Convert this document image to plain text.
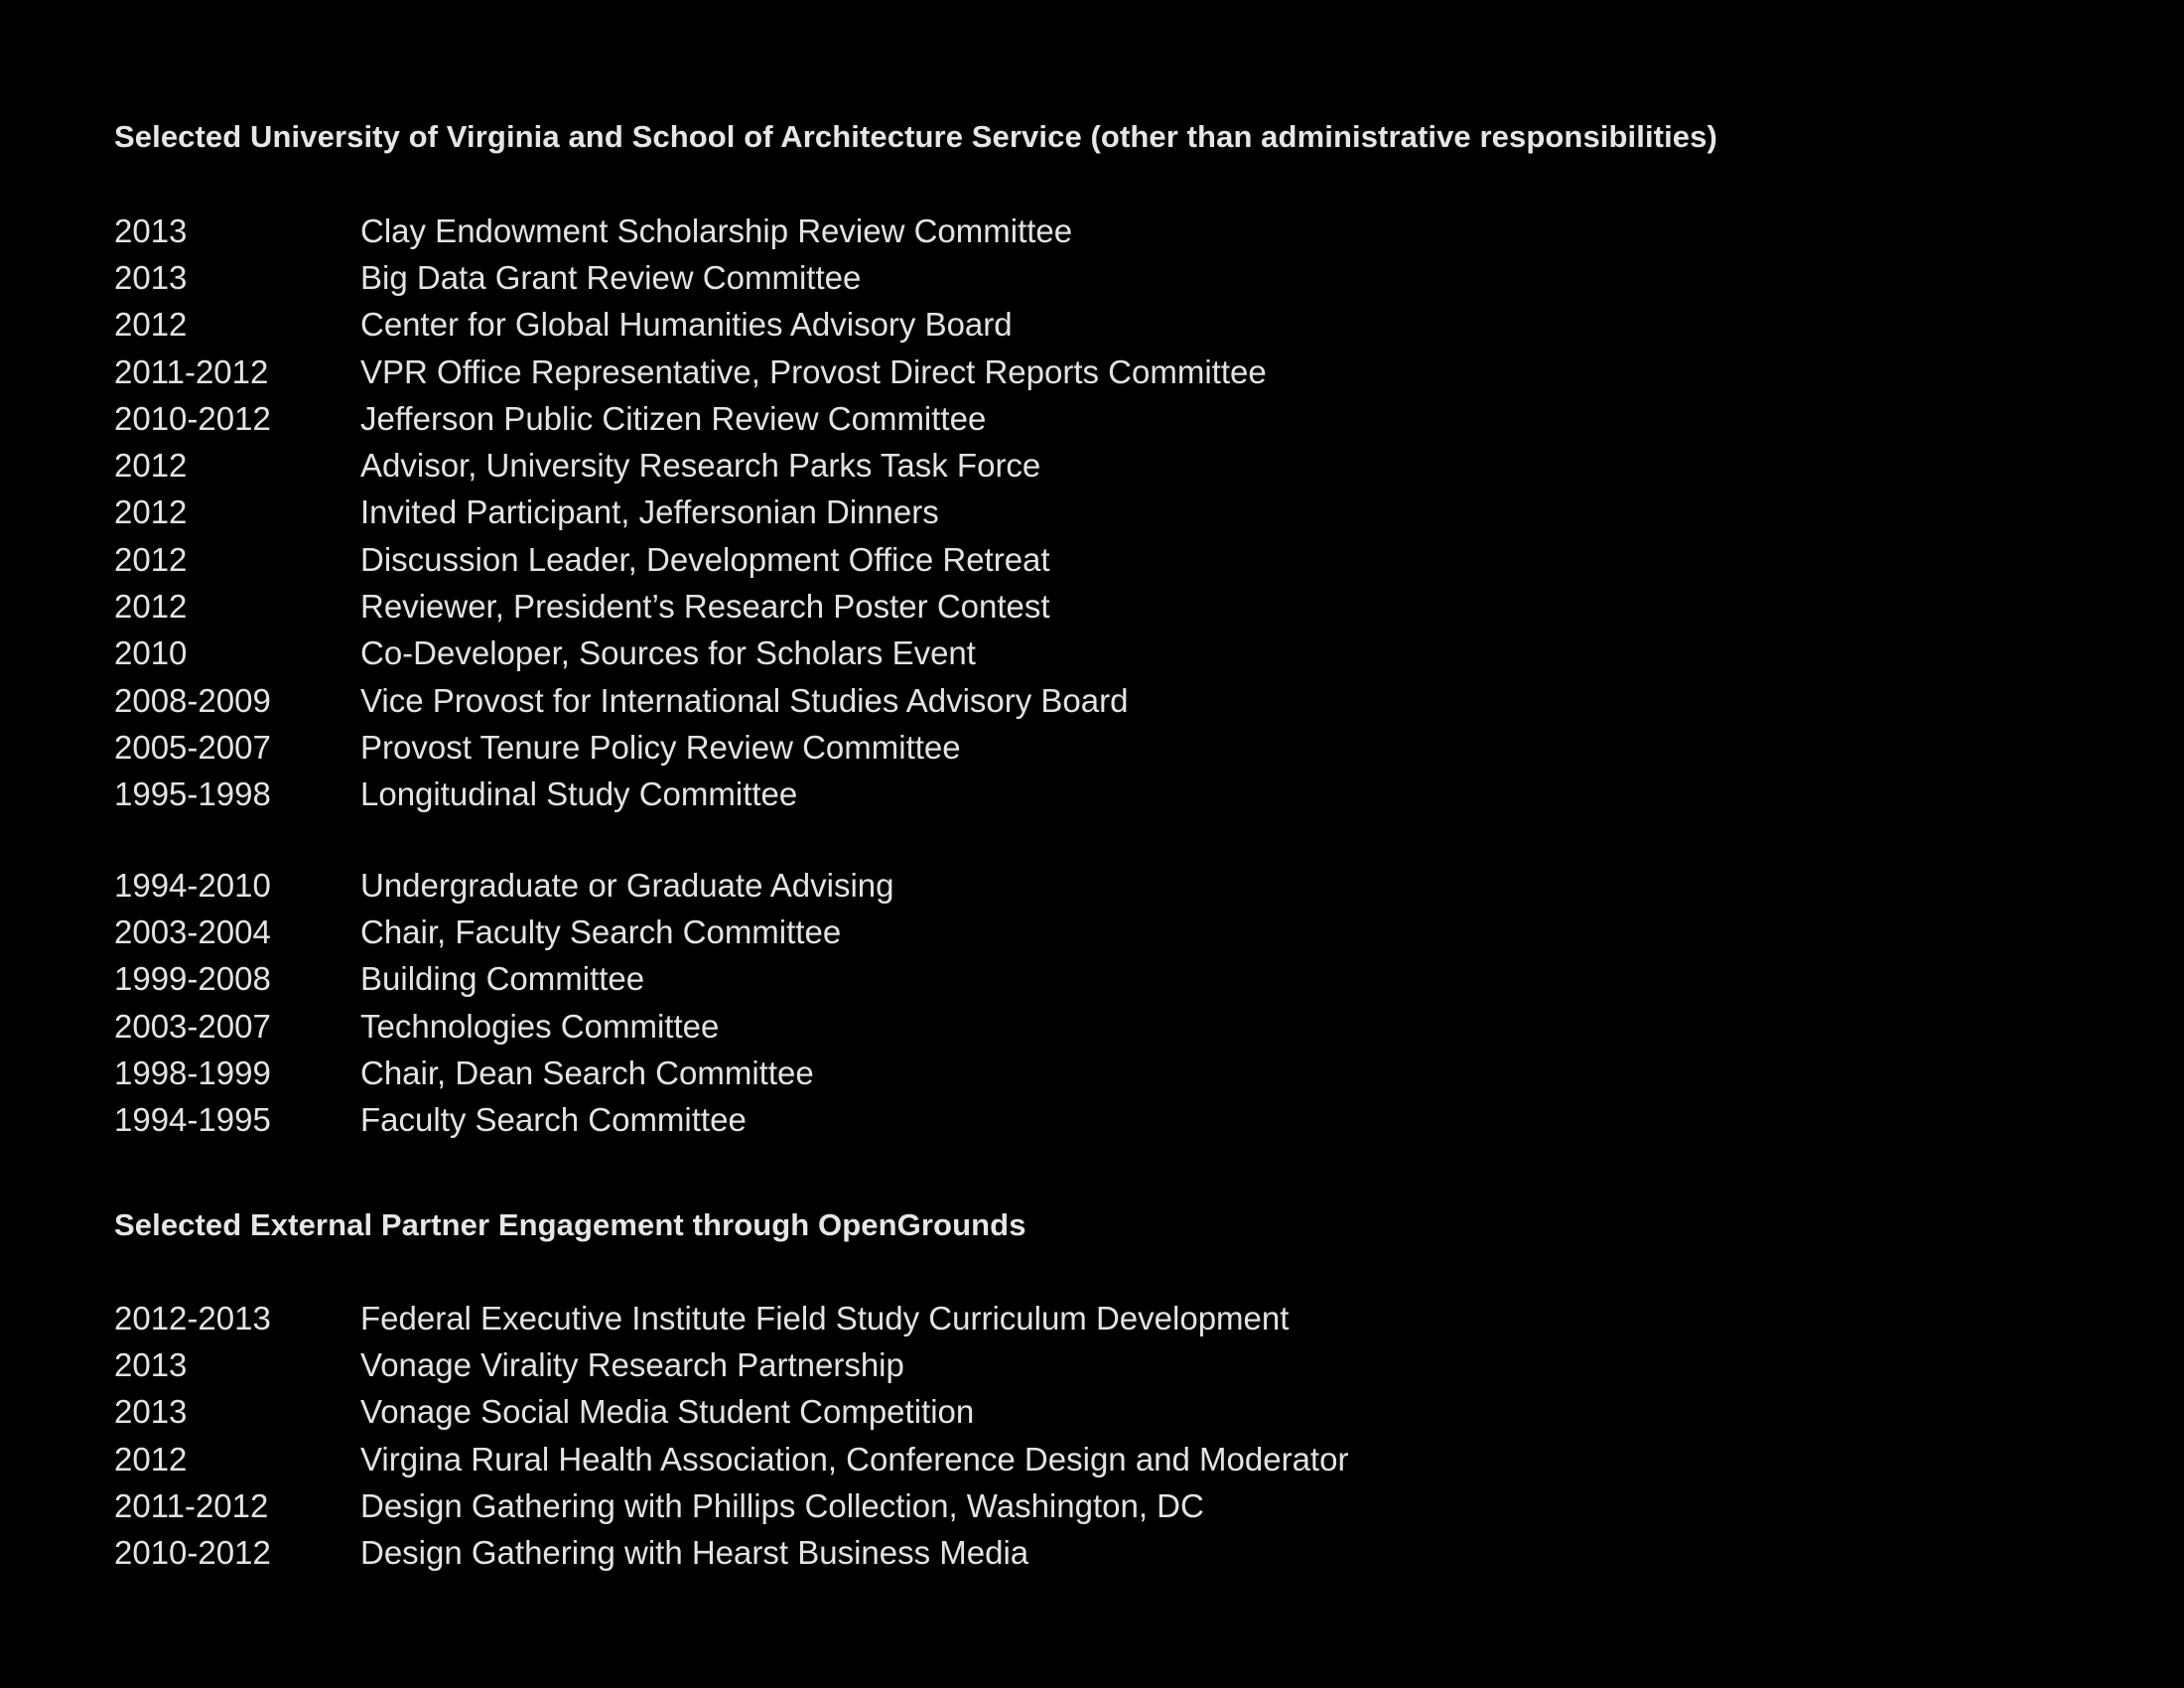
Selected University of Virginia and School of Architecture Service (other than administrative responsibilities)
2013	Clay Endowment Scholarship Review Committee
2013	Big Data Grant Review Committee
2012	Center for Global Humanities Advisory Board
2011-2012	VPR Office Representative, Provost Direct Reports Committee
2010-2012	Jefferson Public Citizen Review Committee
2012	Advisor, University Research Parks Task Force
2012	Invited Participant, Jeffersonian Dinners
2012	Discussion Leader, Development Office Retreat
2012	Reviewer, President’s Research Poster Contest
2010	Co-Developer, Sources for Scholars Event
2008-2009	Vice Provost for International Studies Advisory Board
2005-2007	Provost Tenure Policy Review Committee
1995-1998	Longitudinal Study Committee
1994-2010	Undergraduate or Graduate Advising
2003-2004	Chair, Faculty Search Committee
1999-2008	Building Committee
2003-2007	Technologies Committee
1998-1999	Chair, Dean Search Committee
1994-1995	Faculty Search Committee
Selected External Partner Engagement through OpenGrounds
2012-2013	Federal Executive Institute Field Study Curriculum Development
2013	Vonage Virality Research Partnership
2013	Vonage Social Media Student Competition
2012	Virgina Rural Health Association, Conference Design and Moderator
2011-2012	Design Gathering with Phillips Collection, Washington, DC
2010-2012	Design Gathering with Hearst Business Media
